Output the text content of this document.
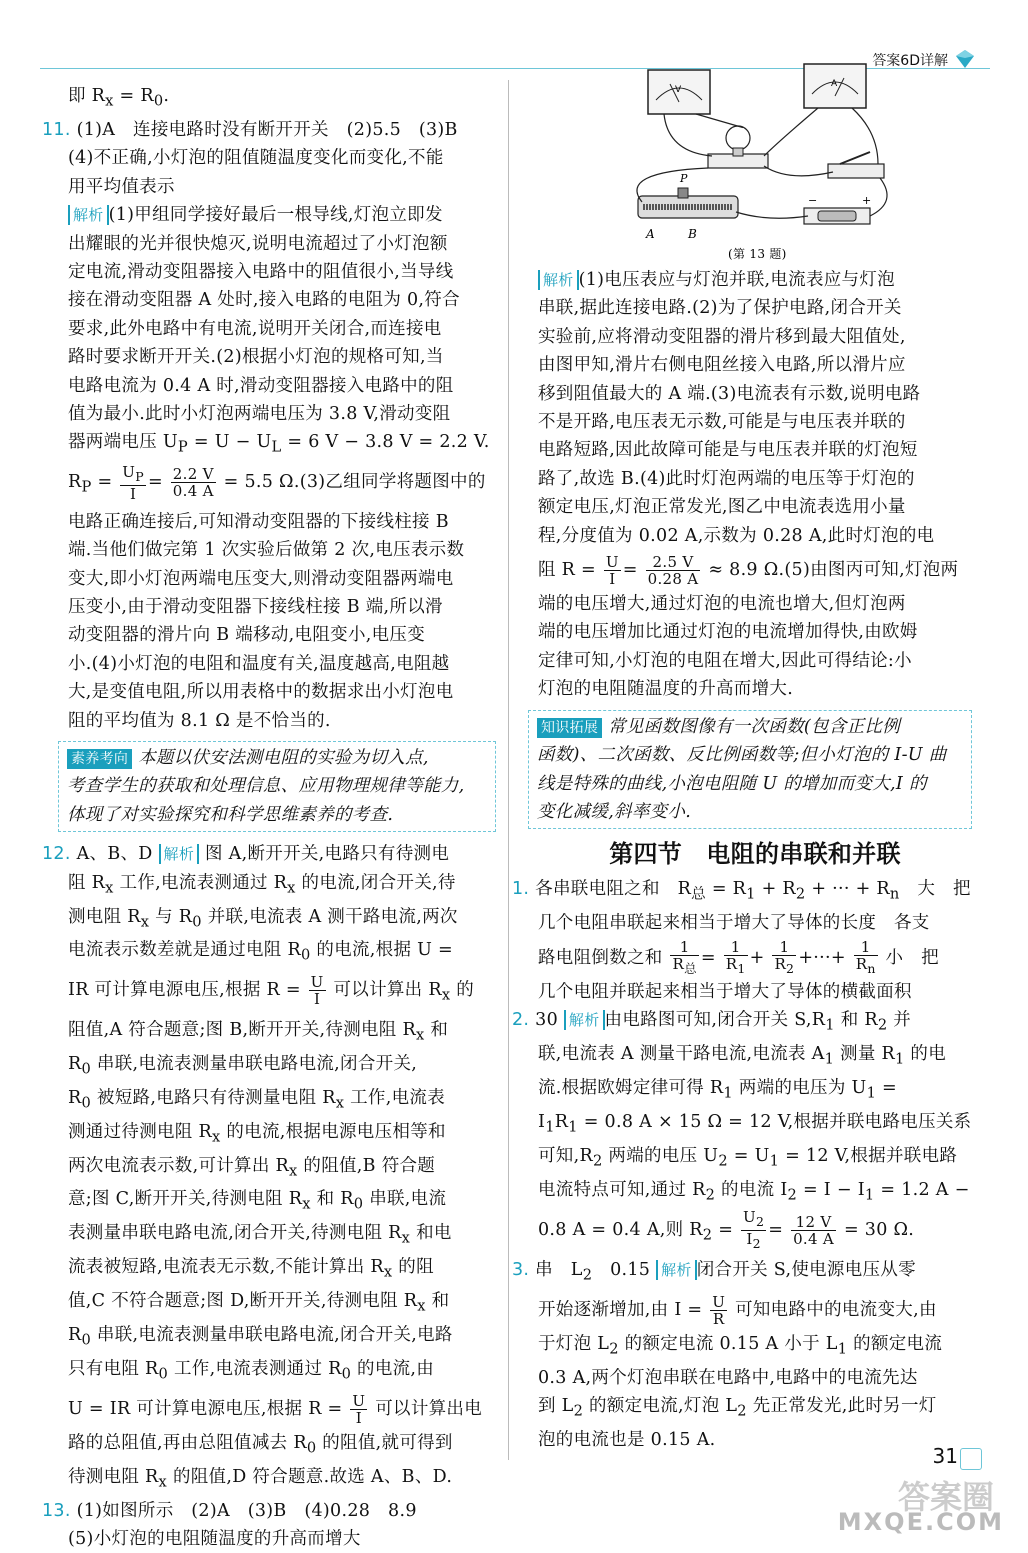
答案6D详解

即 $R_x = R_0$.

11. (1)A　连接电路时没有断开开关　(2)5.5　(3)B

(4)不正确,小灯泡的阻值随温度变化而变化,不能

用平均值表示

解析 (1)甲组同学接好最后一根导线,灯泡立即发

出耀眼的光并很快熄灭,说明电流超过了小灯泡额

定电流,滑动变阻器接入电路中的阻值很小,当导线

接在滑动变阻器 A 处时,接入电路的电阻为 0,符合

要求,此外电路中有电流,说明开关闭合,而连接电

路时要求断开开关.(2)根据小灯泡的规格可知,当

电路电流为 0.4 A 时,滑动变阻器接入电路中的阻

值为最小.此时小灯泡两端电压为 3.8 V,滑动变阻

器两端电压 $U_P = U - U_L = 6$ V − 3.8 V = 2.2 V.

$R_P = \frac{U_P}{I} = \frac{2.2 V}{0.4 A} = 5.5$ Ω.(3)乙组同学将题图中的

电路正确连接后,可知滑动变阻器的下接线柱接 B

端.当他们做完第 1 次实验后做第 2 次,电压表示数

变大,即小灯泡两端电压变大,则滑动变阻器两端电

压变小,由于滑动变阻器下接线柱接 B 端,所以滑

动变阻器的滑片向 B 端移动,电阻变小,电压变

小.(4)小灯泡的电阻和温度有关,温度越高,电阻越

大,是变值电阻,所以用表格中的数据求出小灯泡电

阻的平均值为 8.1 Ω 是不恰当的.

素养考向 本题以伏安法测电阻的实验为切入点,

考查学生的获取和处理信息、应用物理规律等能力,

体现了对实验探究和科学思维素养的考查.

12. A、B、D 解析 图 A,断开开关,电路只有待测电

阻 $R_x$ 工作,电流表测通过 $R_x$ 的电流,闭合开关,待

测电阻 $R_x$ 与 $R_0$ 并联,电流表 A 测干路电流,两次

电流表示数差就是通过电阻 $R_0$ 的电流,根据 U =

IR 可计算电源电压,根据 $R = \frac{U}{I}$ 可以计算出 $R_x$ 的

阻值,A 符合题意;图 B,断开开关,待测电阻 $R_x$ 和

$R_0$ 串联,电流表测量串联电路电流,闭合开关,

$R_0$ 被短路,电路只有待测量电阻 $R_x$ 工作,电流表

测通过待测电阻 $R_x$ 的电流,根据电源电压相等和

两次电流表示数,可计算出 $R_x$ 的阻值,B 符合题

意;图 C,断开开关,待测电阻 $R_x$ 和 $R_0$ 串联,电流

表测量串联电路电流,闭合开关,待测电阻 $R_x$ 和电

流表被短路,电流表无示数,不能计算出 $R_x$ 的阻

值,C 不符合题意;图 D,断开开关,待测电阻 $R_x$ 和

$R_0$ 串联,电流表测量串联电路电流,闭合开关,电路

只有电阻 $R_0$ 工作,电流表测通过 $R_0$ 的电流,由

U = IR 可计算电源电压,根据 $R = \frac{U}{I}$ 可以计算出电

路的总阻值,再由总阻值减去 $R_0$ 的阻值,就可得到

待测电阻 $R_x$ 的阻值,D 符合题意.故选 A、B、D.

13. (1)如图所示　(2)A　(3)B　(4)0.28　8.9

(5)小灯泡的电阻随温度的升高而增大

V
A
P
A	B
−	+
(第 13 题)

解析 (1)电压表应与灯泡并联,电流表应与灯泡

串联,据此连接电路.(2)为了保护电路,闭合开关

实验前,应将滑动变阻器的滑片移到最大阻值处,

由图甲知,滑片右侧电阻丝接入电路,所以滑片应

移到阻值最大的 A 端.(3)电流表有示数,说明电路

不是开路,电压表无示数,可能是与电压表并联的

电路短路,因此故障可能是与电压表并联的灯泡短

路了,故选 B.(4)此时灯泡两端的电压等于灯泡的

额定电压,灯泡正常发光,图乙中电流表选用小量

程,分度值为 0.02 A,示数为 0.28 A,此时灯泡的电

阻 $R = \frac{U}{I} = \frac{2.5 V}{0.28 A} \approx 8.9$ Ω.(5)由图丙可知,灯泡两

端的电压增大,通过灯泡的电流也增大,但灯泡两

端的电压增加比通过灯泡的电流增加得快,由欧姆

定律可知,小灯泡的电阻在增大,因此可得结论:小

灯泡的电阻随温度的升高而增大.

知识拓展 常见函数图像有一次函数(包含正比例

函数)、二次函数、反比例函数等;但小灯泡的 I-U 曲

线是特殊的曲线,小泡电阻随 U 的增加而变大,I 的

变化减缓,斜率变小.

第四节　电阻的串联和并联

1. 各串联电阻之和　$R_总 = R_1 + R_2$ + ··· + $R_n$　大　把

几个电阻串联起来相当于增大了导体的长度　各支

路电阻倒数之和 $\frac{1}{R_总} = \frac{1}{R_1} + \frac{1}{R_2}$ +···+ $\frac{1}{R_n}$ 小　把

几个电阻并联起来相当于增大了导体的横截面积

2. 30 解析 由电路图可知,闭合开关 $S,R_1$ 和 $R_2$ 并

联,电流表 A 测量干路电流,电流表 $A_1$ 测量 $R_1$ 的电

流.根据欧姆定律可得 $R_1$ 两端的电压为 $U_1$ =

$I_1R_1 = 0.8$ A × 15 Ω = 12 V,根据并联电路电压关系

可知$,R_2$ 两端的电压 $U_2 = U_1 = 12$ V,根据并联电路

电流特点可知,通过 $R_2$ 的电流 $I_2 = I - I_1 = 1.2$ A −

0.8 A = 0.4 A,则 $R_2 = \frac{U_2}{I_2} = \frac{12 V}{0.4 A} = 30$ Ω.

3. 串　$L_2$　0.15 解析 闭合开关 S,使电源电压从零

开始逐渐增加,由 $I = \frac{U}{R}$ 可知电路中的电流变大,由

于灯泡 $L_2$ 的额定电流 0.15 A 小于 $L_1$ 的额定电流

0.3 A,两个灯泡串联在电路中,电路中的电流先达

到 $L_2$ 的额定电流,灯泡 $L_2$ 先正常发光,此时另一灯

泡的电流也是 0.15 A.

31
答案圈
MXQE.COM
